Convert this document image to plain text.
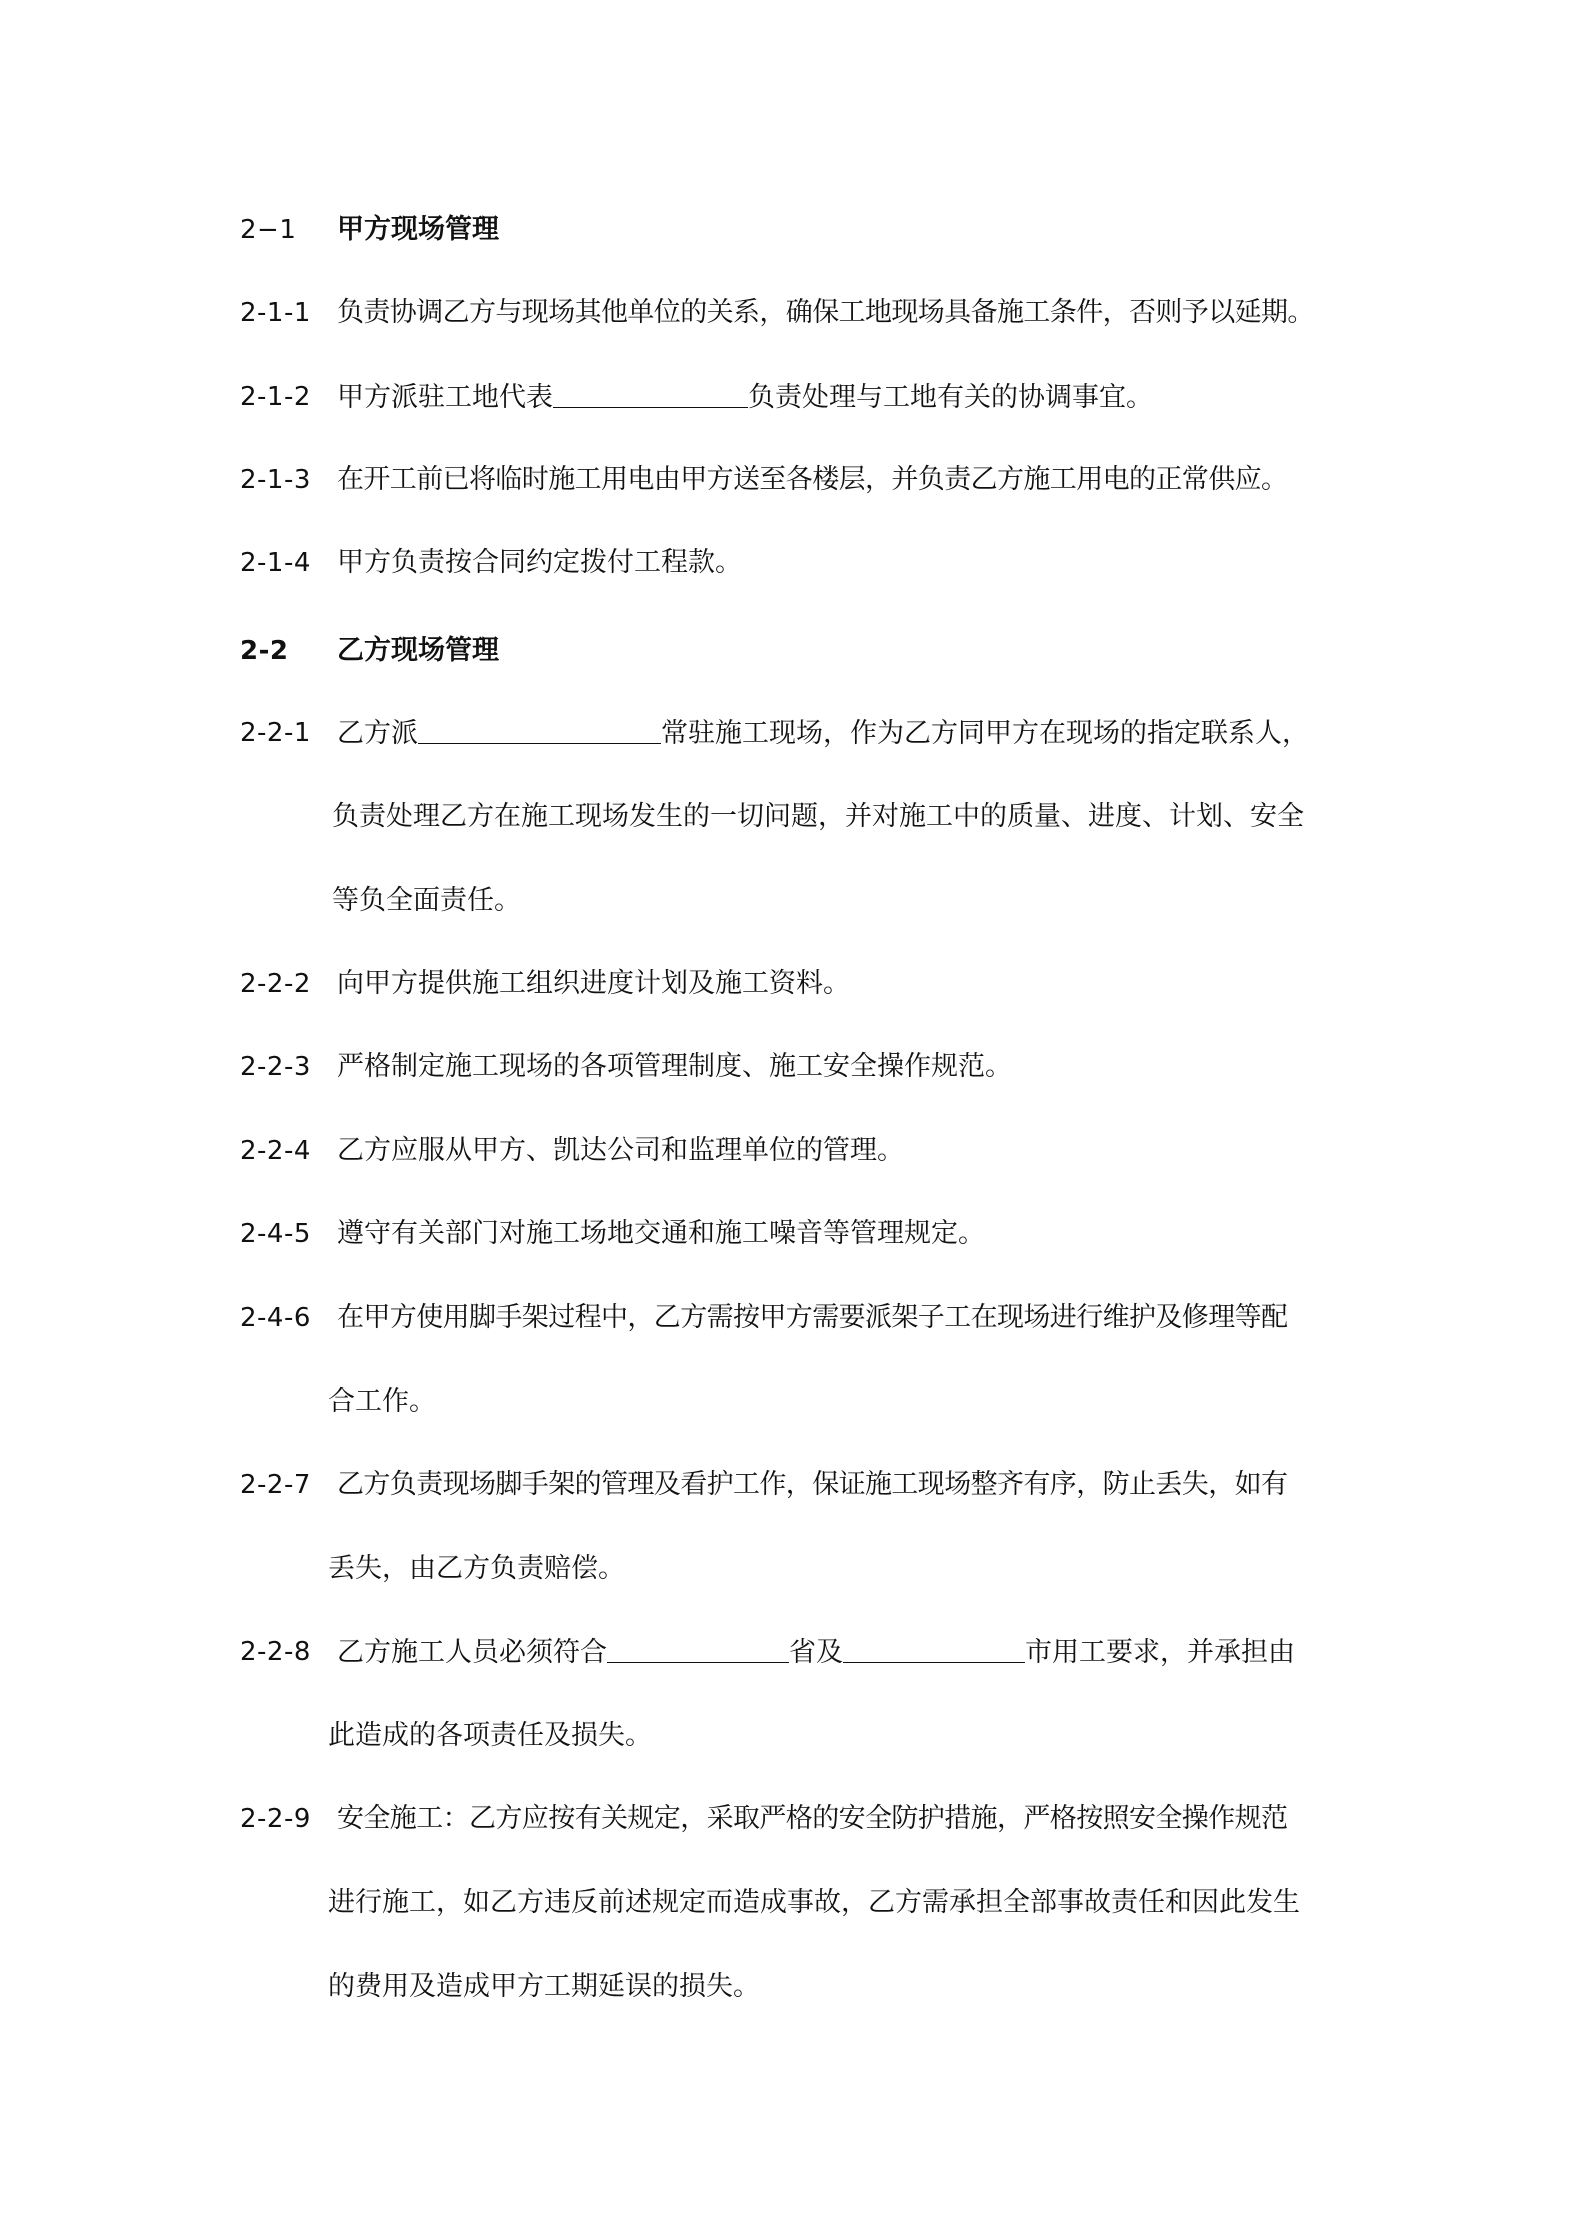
2−1 甲方现场管理
2-1-1 负责协调乙方与现场其他单位的关系，确保工地现场具备施工条件，否则予以延期。
2-1-2 甲方派驻工地代表	负责处理与工地有关的协调事宜。
2-1-3 在开工前已将临时施工用电由甲方送至各楼层，并负责乙方施工用电的正常供应。
2-1-4 甲方负责按合同约定拨付工程款。
2-2 乙方现场管理
2-2-1 乙方派	常驻施工现场，作为乙方同甲方在现场的指定联系人，
负责处理乙方在施工现场发生的一切问题，并对施工中的质量、进度、计划、安全
等负全面责任。
2-2-2 向甲方提供施工组织进度计划及施工资料。
2-2-3 严格制定施工现场的各项管理制度、施工安全操作规范。
2-2-4 乙方应服从甲方、凯达公司和监理单位的管理。
2-4-5 遵守有关部门对施工场地交通和施工噪音等管理规定。
2-4-6 在甲方使用脚手架过程中，乙方需按甲方需要派架子工在现场进行维护及修理等配
合工作。
2-2-7 乙方负责现场脚手架的管理及看护工作，保证施工现场整齐有序，防止丢失，如有
丢失，由乙方负责赔偿。
2-2-8 乙方施工人员必须符合	省及	市用工要求，并承担由
此造成的各项责任及损失。
2-2-9 安全施工：乙方应按有关规定，采取严格的安全防护措施，严格按照安全操作规范
进行施工，如乙方违反前述规定而造成事故，乙方需承担全部事故责任和因此发生
的费用及造成甲方工期延误的损失。
